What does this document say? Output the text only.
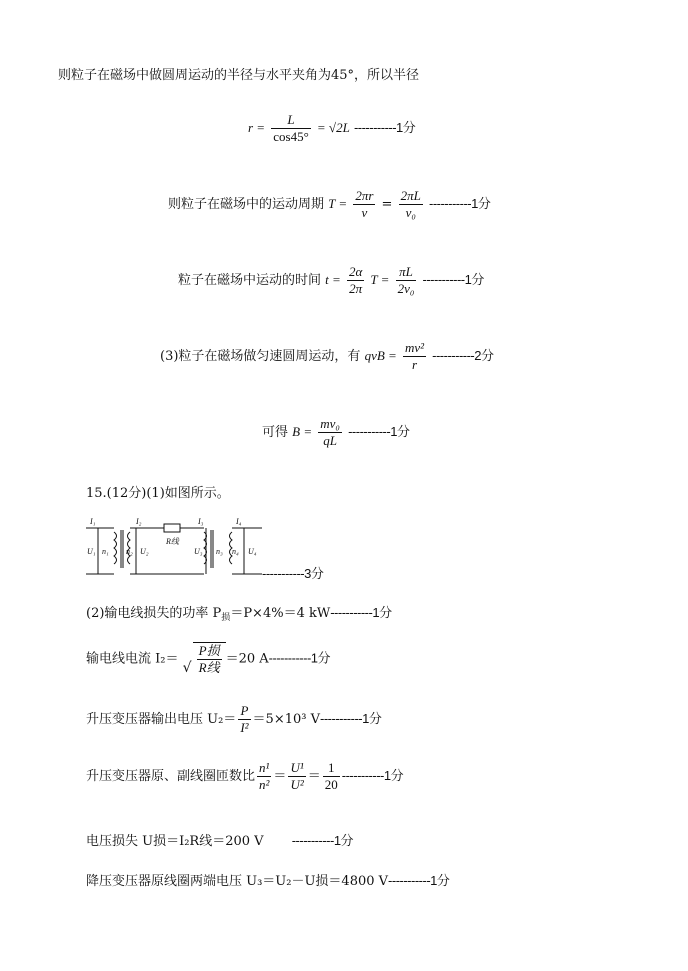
则粒子在磁场中做圆周运动的半径与水平夹角为45°，所以半径
$r = \frac{L}{\cos 45^\circ} = √2L$ -----------1分
则粒子在磁场中的运动周期 $T = \frac{2\pi r}{v} = \frac{2\pi L}{\text{v₀}} -----------1$分
粒子在磁场中运动的时间 $t = \frac{2\alpha}{2\pi}$ $T = \frac{\pi L}{\text{2v₀}} -----------1$分
(3)粒子在磁场做匀速圆周运动，有 qvB = $\frac{\text{mv²}}{r} -----------2$分
可得 $B = \frac{\text{mv₀}}{qL} -----------1$分
15.(12分)(1)如图所示。
I₁	I₂	I₃	I₄
U₁ n₁ n₂ U₂
R线
U₃ n₃ n₄ U₄
-----------3分
(2)输电线损失的功率 $P_损=P\times 4\%=4$ kW-----------1分
输电线电流 I₂＝
√ $\frac{\text{P损}}{\text{R线}} =20$ A-----------1分
升压变压器输出电压 $U_2= \frac{P}{\text{I²}} =5\times 10^3$ V-----------1分
升压变压器原、副线圈匝数比 $\frac{\text{n¹}}{\text{n²}} = \frac{\text{U¹}}{\text{U²}} = \frac{1}{20} -----------1$分
电压损失 U损＝I₂R线＝200 V -----------1分
降压变压器原线圈两端电压 U₃＝U₂－U损＝4800 V-----------1分
